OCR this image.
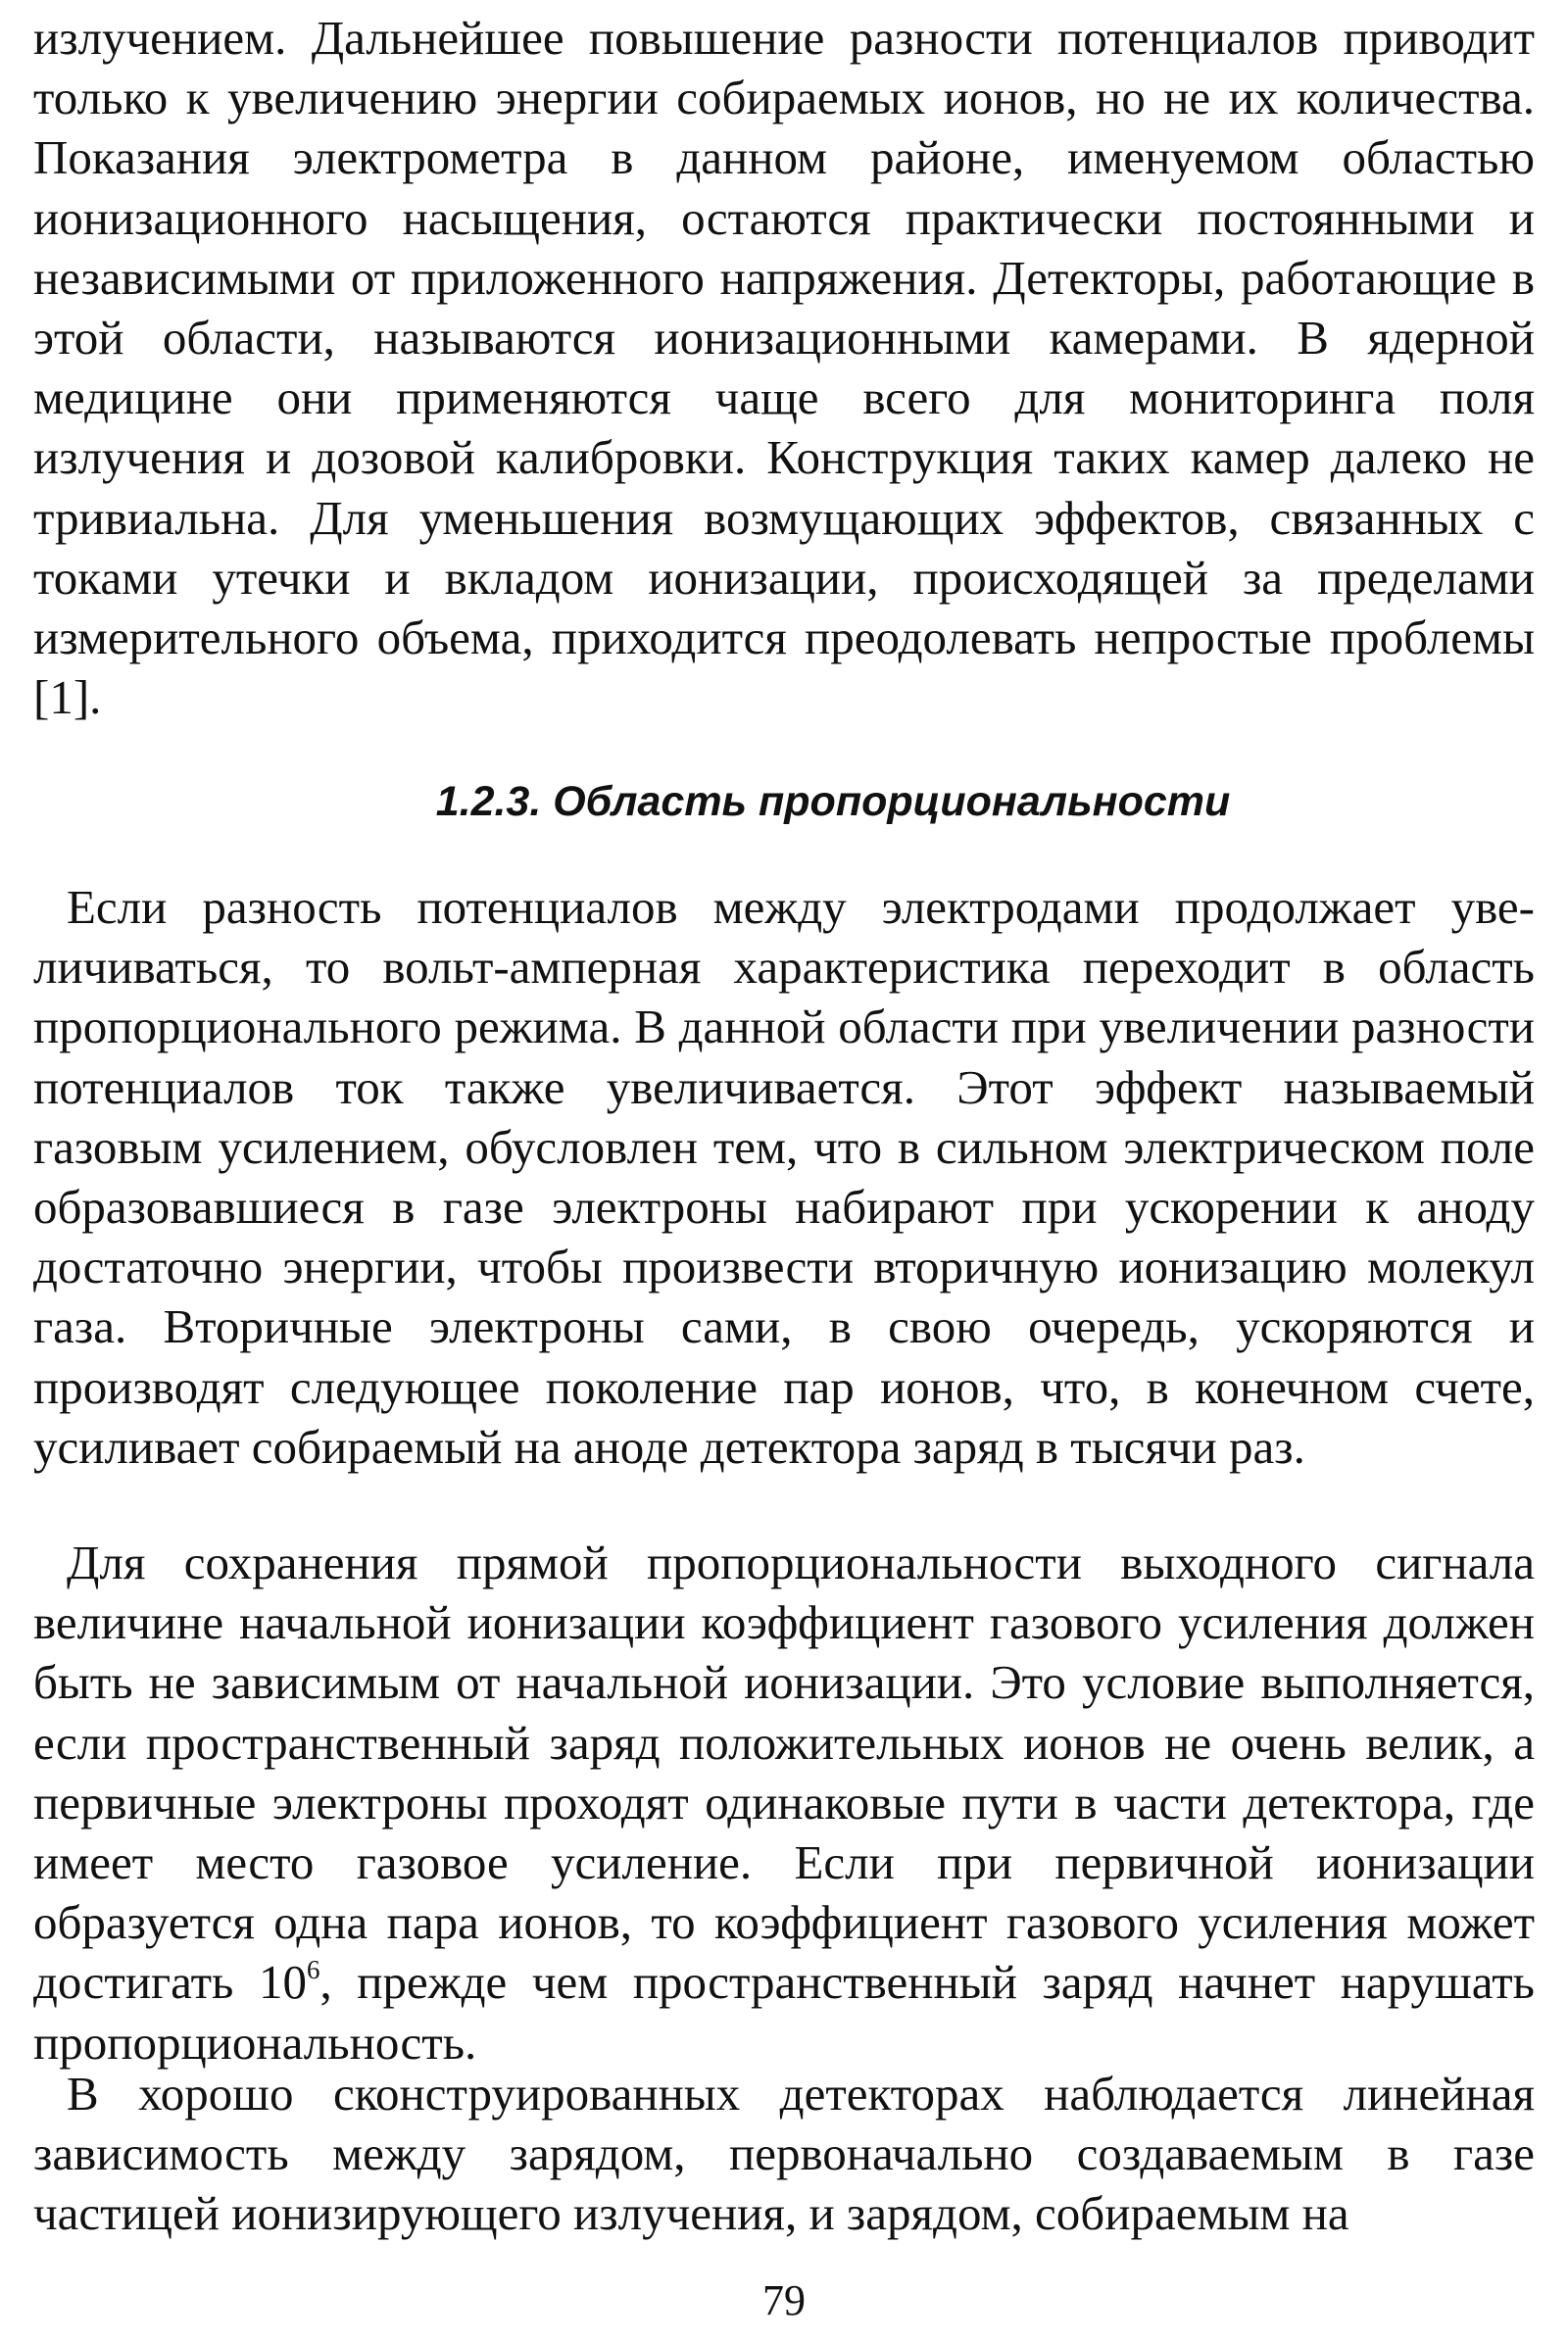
излучением. Дальнейшее повышение разности потенциалов приводит только к увеличению энергии собираемых ионов, но не их количества. Показания электрометра в данном районе, именуемом областью ионизационного насыщения, остаются практически постоянными и независимыми от приложенного напряжения. Детекторы, работающие в этой области, называются ионизационными камерами. В ядерной медицине они применяются чаще всего для мониторинга поля излучения и дозовой калибровки. Конструкция таких камер далеко не тривиальна. Для уменьшения возмущающих эффектов, связанных с токами утечки и вкладом ионизации, происходящей за пределами измерительного объема, приходится преодолевать непростые проблемы [1].

1.2.3. Область пропорциональности

Если разность потенциалов между электродами продолжает увеличиваться, то вольт-амперная характеристика переходит в область пропорционального режима. В данной области при увеличении разности потенциалов ток также увеличивается. Этот эффект называемый газовым усилением, обусловлен тем, что в сильном электрическом поле образовавшиеся в газе электроны набирают при ускорении к аноду достаточно энергии, чтобы произвести вторичную ионизацию молекул газа. Вторичные электроны сами, в свою очередь, ускоряются и производят следующее поколение пар ионов, что, в конечном счете, усиливает собираемый на аноде детектора заряд в тысячи раз.

Для сохранения прямой пропорциональности выходного сигнала величине начальной ионизации коэффициент газового усиления должен быть не зависимым от начальной ионизации. Это условие выполняется, если пространственный заряд положительных ионов не очень велик, а первичные электроны проходят одинаковые пути в части детектора, где имеет место газовое усиление. Если при первичной ионизации образуется одна пара ионов, то коэффициент газового усиления может достигать $10^6$, прежде чем пространственный заряд начнет нарушать пропорциональность.

В хорошо сконструированных детекторах наблюдается линейная зависимость между зарядом, первоначально создаваемым в газе частицей ионизирующего излучения, и зарядом, собираемым на

79
